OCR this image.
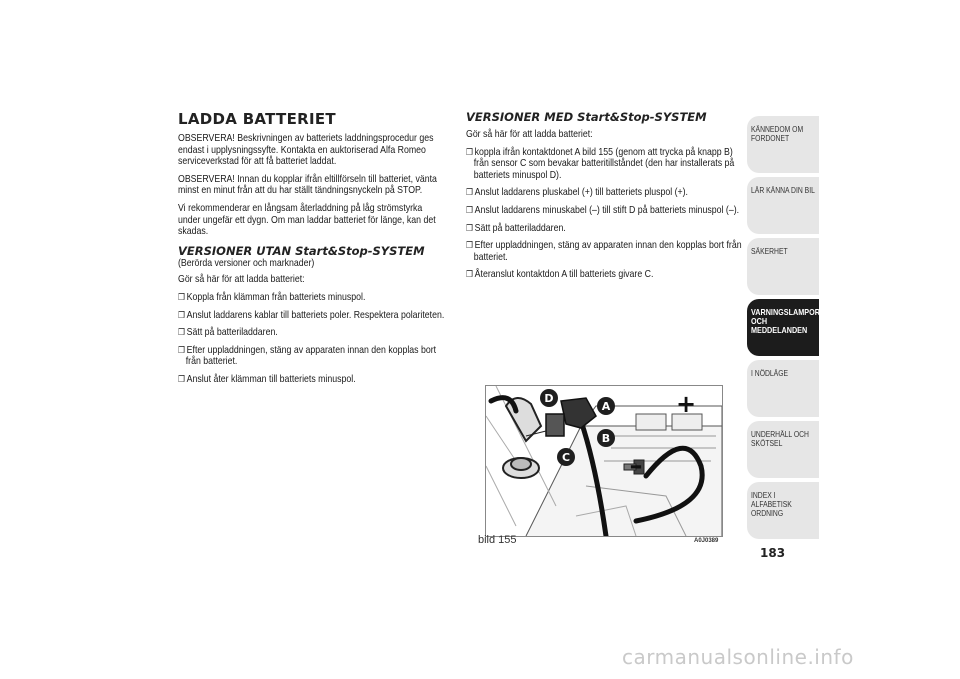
LADDA BATTERIET

OBSERVERA! Beskrivningen av batteriets laddningsprocedur ges endast i upplysningssyfte. Kontakta en auktoriserad Alfa Romeo serviceverkstad för att få batteriet laddat.

OBSERVERA! Innan du kopplar ifrån eltillförseln till batteriet, vänta minst en minut från att du har ställt tändningsnyckeln på STOP.

Vi rekommenderar en långsam återladdning på låg strömstyrka under ungefär ett dygn. Om man laddar batteriet för länge, kan det skadas.

VERSIONER UTAN Start&Stop-SYSTEM

(Berörda versioner och marknader)

Gör så här för att ladda batteriet:

❒ Koppla från klämman från batteriets minuspol.
❒ Anslut laddarens kablar till batteriets poler. Respektera polariteten.
❒ Sätt på batteriladdaren.
❒ Efter uppladdningen, stäng av apparaten innan den kopplas bort från batteriet.
❒ Anslut åter klämman till batteriets minuspol.
VERSIONER MED Start&Stop-SYSTEM

Gör så här för att ladda batteriet:

❒ koppla ifrån kontaktdonet A bild 155 (genom att trycka på knapp B) från sensor C som bevakar batteritillståndet (den har installerats på batteriets minuspol D).
❒ Anslut laddarens pluskabel (+) till batteriets pluspol (+).
❒ Anslut laddarens minuskabel (–) till stift D på batteriets minuspol (–).
❒ Sätt på batteriladdaren.
❒ Efter uppladdningen, stäng av apparaten innan den kopplas bort från batteriet.
❒ Återanslut kontaktdon A till batteriets givare C.
D
A
B
C
+
–
bild 155	A0J0389
KÄNNEDOM OM FORDONET
LÄR KÄNNA DIN BIL
SÄKERHET
VARNINGSLAMPOR OCH MEDDELANDEN
I NÖDLÄGE
UNDERHÅLL OCH SKÖTSEL
INDEX I ALFABETISK ORDNING
183
carmanualsonline.info
